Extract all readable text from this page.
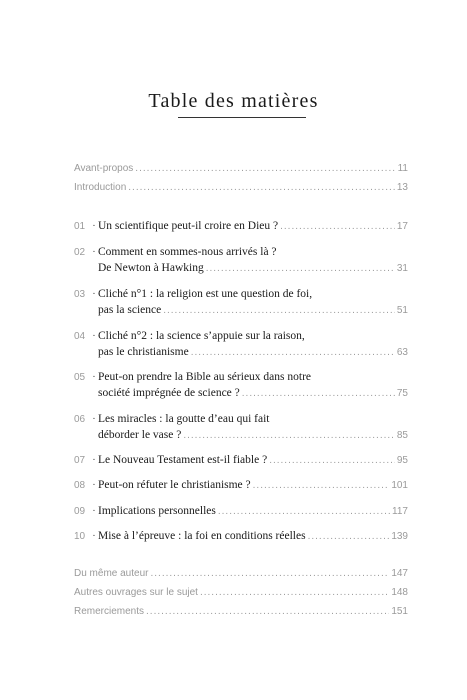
Table des matières
Avant-propos .....	11
Introduction .....	13
01 · Un scientifique peut-il croire en Dieu ? .....	17
02 · Comment en sommes-nous arrivés là ?
De Newton à Hawking .....	31
03 · Cliché n°1 : la religion est une question de foi,
pas la science .....	51
04 · Cliché n°2 : la science s’appuie sur la raison,
pas le christianisme .....	63
05 · Peut-on prendre la Bible au sérieux dans notre
société imprégnée de science ? .....	75
06 · Les miracles : la goutte d’eau qui fait
déborder le vase ? .....	85
07 · Le Nouveau Testament est-il fiable ? .....	95
08 · Peut-on réfuter le christianisme ? .....	101
09 · Implications personnelles .....	117
10 · Mise à l’épreuve : la foi en conditions réelles .....	139
Du même auteur .....	147
Autres ouvrages sur le sujet .....	148
Remerciements .....	151
